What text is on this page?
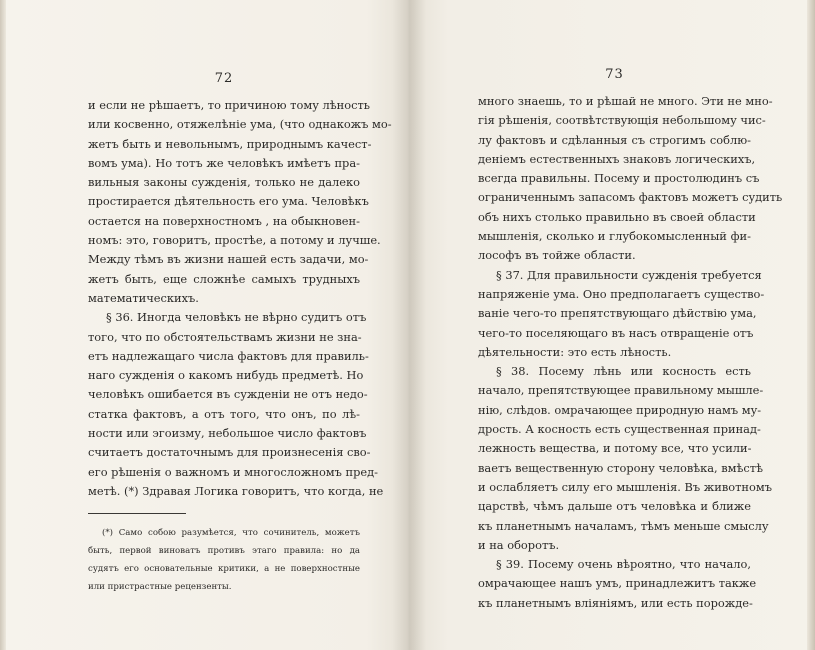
72
и если не рѣшаетъ, то причиною тому лѣность
или косвенно, отяжелѣніе ума, (что однакожъ мо-
жетъ быть и невольнымъ, природнымъ качест-
вомъ ума). Но тотъ же человѣкъ имѣетъ пра-
вильныя законы сужденія, только не далеко
простирается дѣятельность его ума. Человѣкъ
остается на поверхностномъ , на обыкновен-
номъ: это, говоритъ, простѣе, а потому и лучше.
Между тѣмъ въ жизни нашей есть задачи, мо-
жетъ быть, еще сложнѣе самыхъ трудныхъ
математическихъ.
§ 36. Иногда человѣкъ не вѣрно судитъ отъ
того, что по обстоятельствамъ жизни не зна-
етъ надлежащаго числа фактовъ для правиль-
наго сужденія о какомъ нибудь предметѣ. Но
человѣкъ ошибается въ сужденіи не отъ недо-
статка фактовъ, а отъ того, что онъ, по лѣ-
ности или эгоизму, небольшое число фактовъ
считаетъ достаточнымъ для произнесенія сво-
его рѣшенія о важномъ и многосложномъ пред-
метѣ. (*) Здравая Логика говоритъ, что когда, не
(*) Само собою разумѣется, что сочинитель, можетъ
быть, первой виноватъ противъ этаго правила: но да
судятъ его основательные критики, а не поверхностные
или пристрастные рецензенты.
73
много знаешь, то и рѣшай не много. Эти не мно-
гія рѣшенія, соотвѣтствующія небольшому чис-
лу фактовъ и сдѣланныя съ строгимъ соблю-
деніемъ естественныхъ знаковъ логическихъ,
всегда правильны. Посему и простолюдинъ съ
ограниченнымъ запасомъ фактовъ можетъ судить
объ нихъ столько правильно въ своей области
мышленія, сколько и глубокомысленный фи-
лософъ въ тойже области.
§ 37. Для правильности сужденія требуется
напряженіе ума. Оно предполагаетъ существо-
ваніе чего-то препятствующаго дѣйствію ума,
чего-то поселяющаго въ насъ отвращеніе отъ
дѣятельности: это есть лѣность.
§ 38. Посему лѣнь или косность есть
начало, препятствующее правильному мышле-
нію, слѣдов. омрачающее природную намъ му-
дрость. А косность есть существенная принад-
лежность вещества, и потому все, что усили-
ваетъ вещественную сторону человѣка, вмѣстѣ
и ослабляетъ силу его мышленія. Въ животномъ
царствѣ, чѣмъ дальше отъ человѣка и ближе
къ планетнымъ началамъ, тѣмъ меньше смыслу
и на оборотъ.
§ 39. Посему очень вѣроятно, что начало,
омрачающее нашъ умъ, принадлежитъ также
къ планетнымъ вліяніямъ, или есть порожде-
